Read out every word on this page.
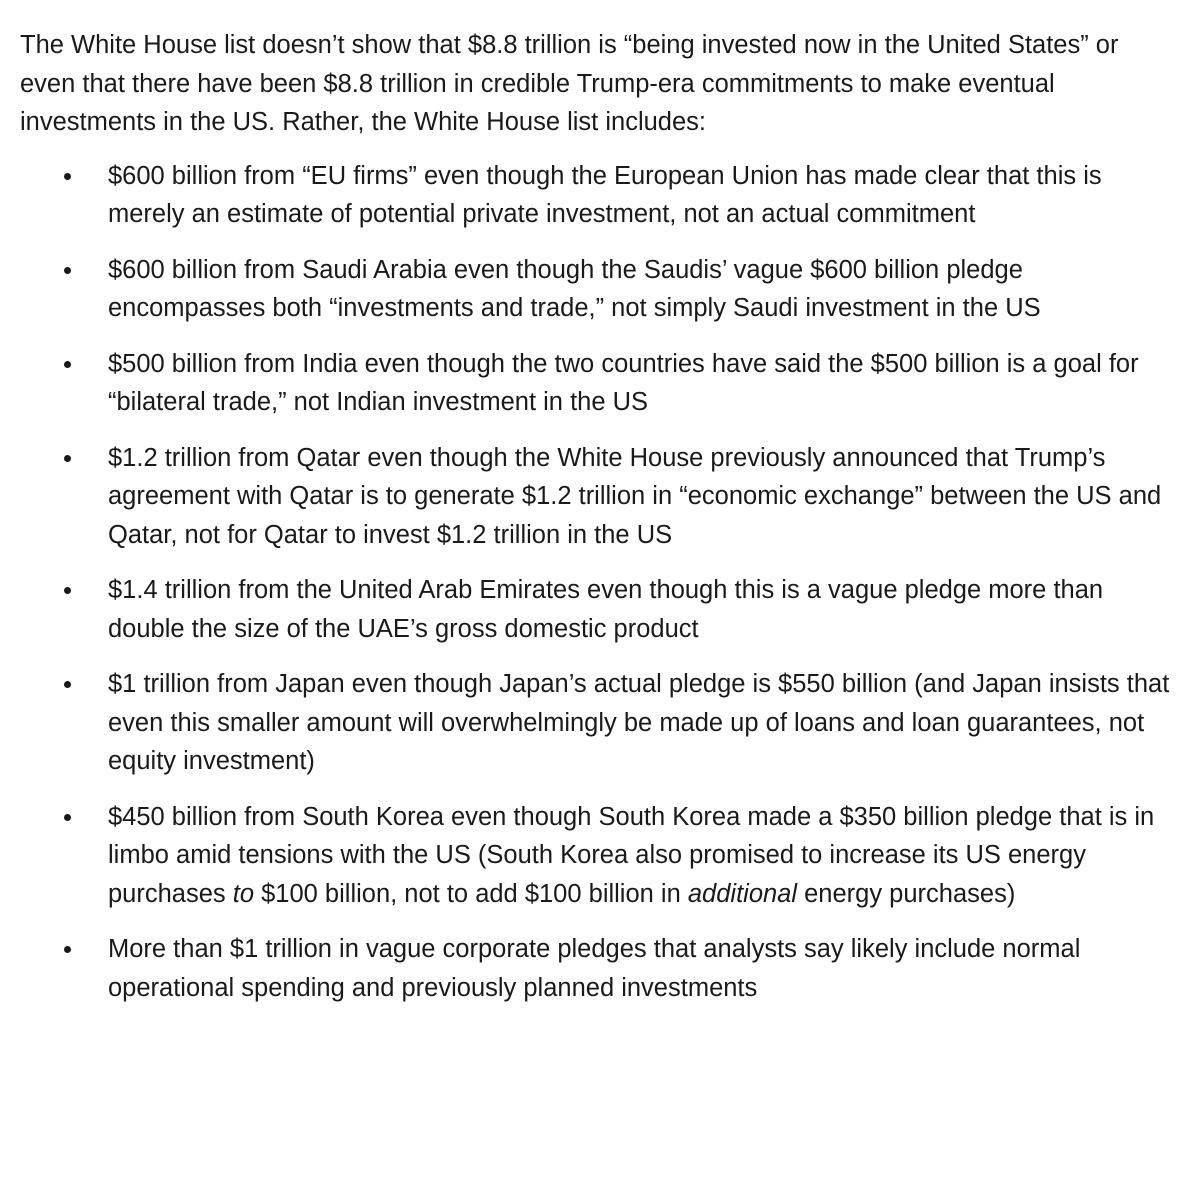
The White House list doesn’t show that $8.8 trillion is “being invested now in the United States” or even that there have been $8.8 trillion in credible Trump-era commitments to make eventual investments in the US. Rather, the White House list includes:

$600 billion from “EU firms” even though the European Union has made clear that this is merely an estimate of potential private investment, not an actual commitment
$600 billion from Saudi Arabia even though the Saudis’ vague $600 billion pledge encompasses both “investments and trade,” not simply Saudi investment in the US
$500 billion from India even though the two countries have said the $500 billion is a goal for “bilateral trade,” not Indian investment in the US
$1.2 trillion from Qatar even though the White House previously announced that Trump’s agreement with Qatar is to generate $1.2 trillion in “economic exchange” between the US and Qatar, not for Qatar to invest $1.2 trillion in the US
$1.4 trillion from the United Arab Emirates even though this is a vague pledge more than double the size of the UAE’s gross domestic product
$1 trillion from Japan even though Japan’s actual pledge is $550 billion (and Japan insists that even this smaller amount will overwhelmingly be made up of loans and loan guarantees, not equity investment)
$450 billion from South Korea even though South Korea made a $350 billion pledge that is in limbo amid tensions with the US (South Korea also promised to increase its US energy purchases to $100 billion, not to add $100 billion in additional energy purchases)
More than $1 trillion in vague corporate pledges that analysts say likely include normal operational spending and previously planned investments
